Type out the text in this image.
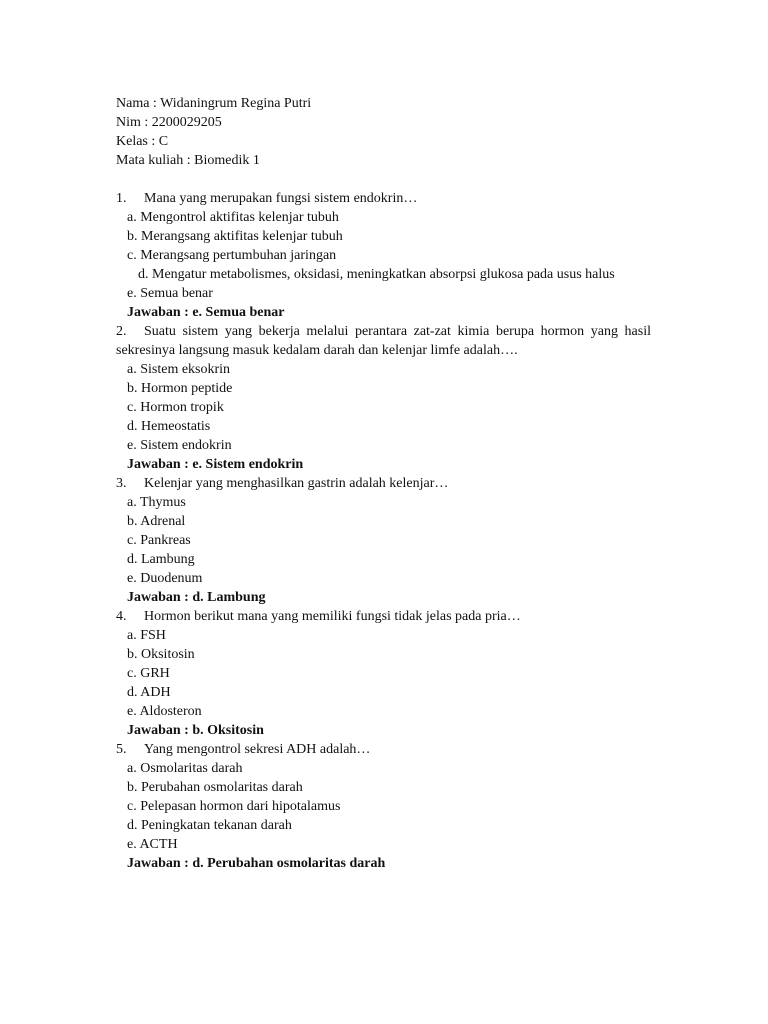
Nama : Widaningrum Regina Putri
Nim : 2200029205
Kelas : C
Mata kuliah : Biomedik 1
1. Mana yang merupakan fungsi sistem endokrin…
a. Mengontrol aktifitas kelenjar tubuh
b. Merangsang aktifitas kelenjar tubuh
c. Merangsang pertumbuhan jaringan
d. Mengatur metabolismes, oksidasi, meningkatkan absorpsi glukosa pada usus halus
e. Semua benar
Jawaban : e. Semua benar
2. Suatu sistem yang bekerja melalui perantara zat-zat kimia berupa hormon yang hasil sekresinya langsung masuk kedalam darah dan kelenjar limfe adalah….
a. Sistem eksokrin
b. Hormon peptide
c. Hormon tropik
d. Hemeostatis
e. Sistem endokrin
Jawaban : e. Sistem endokrin
3. Kelenjar yang menghasilkan gastrin adalah kelenjar…
a. Thymus
b. Adrenal
c. Pankreas
d. Lambung
e. Duodenum
Jawaban : d. Lambung
4. Hormon berikut mana yang memiliki fungsi tidak jelas pada pria…
a. FSH
b. Oksitosin
c. GRH
d. ADH
e. Aldosteron
Jawaban : b. Oksitosin
5. Yang mengontrol sekresi ADH adalah…
a. Osmolaritas darah
b. Perubahan osmolaritas darah
c. Pelepasan hormon dari hipotalamus
d. Peningkatan tekanan darah
e. ACTH
Jawaban : d. Perubahan osmolaritas darah
